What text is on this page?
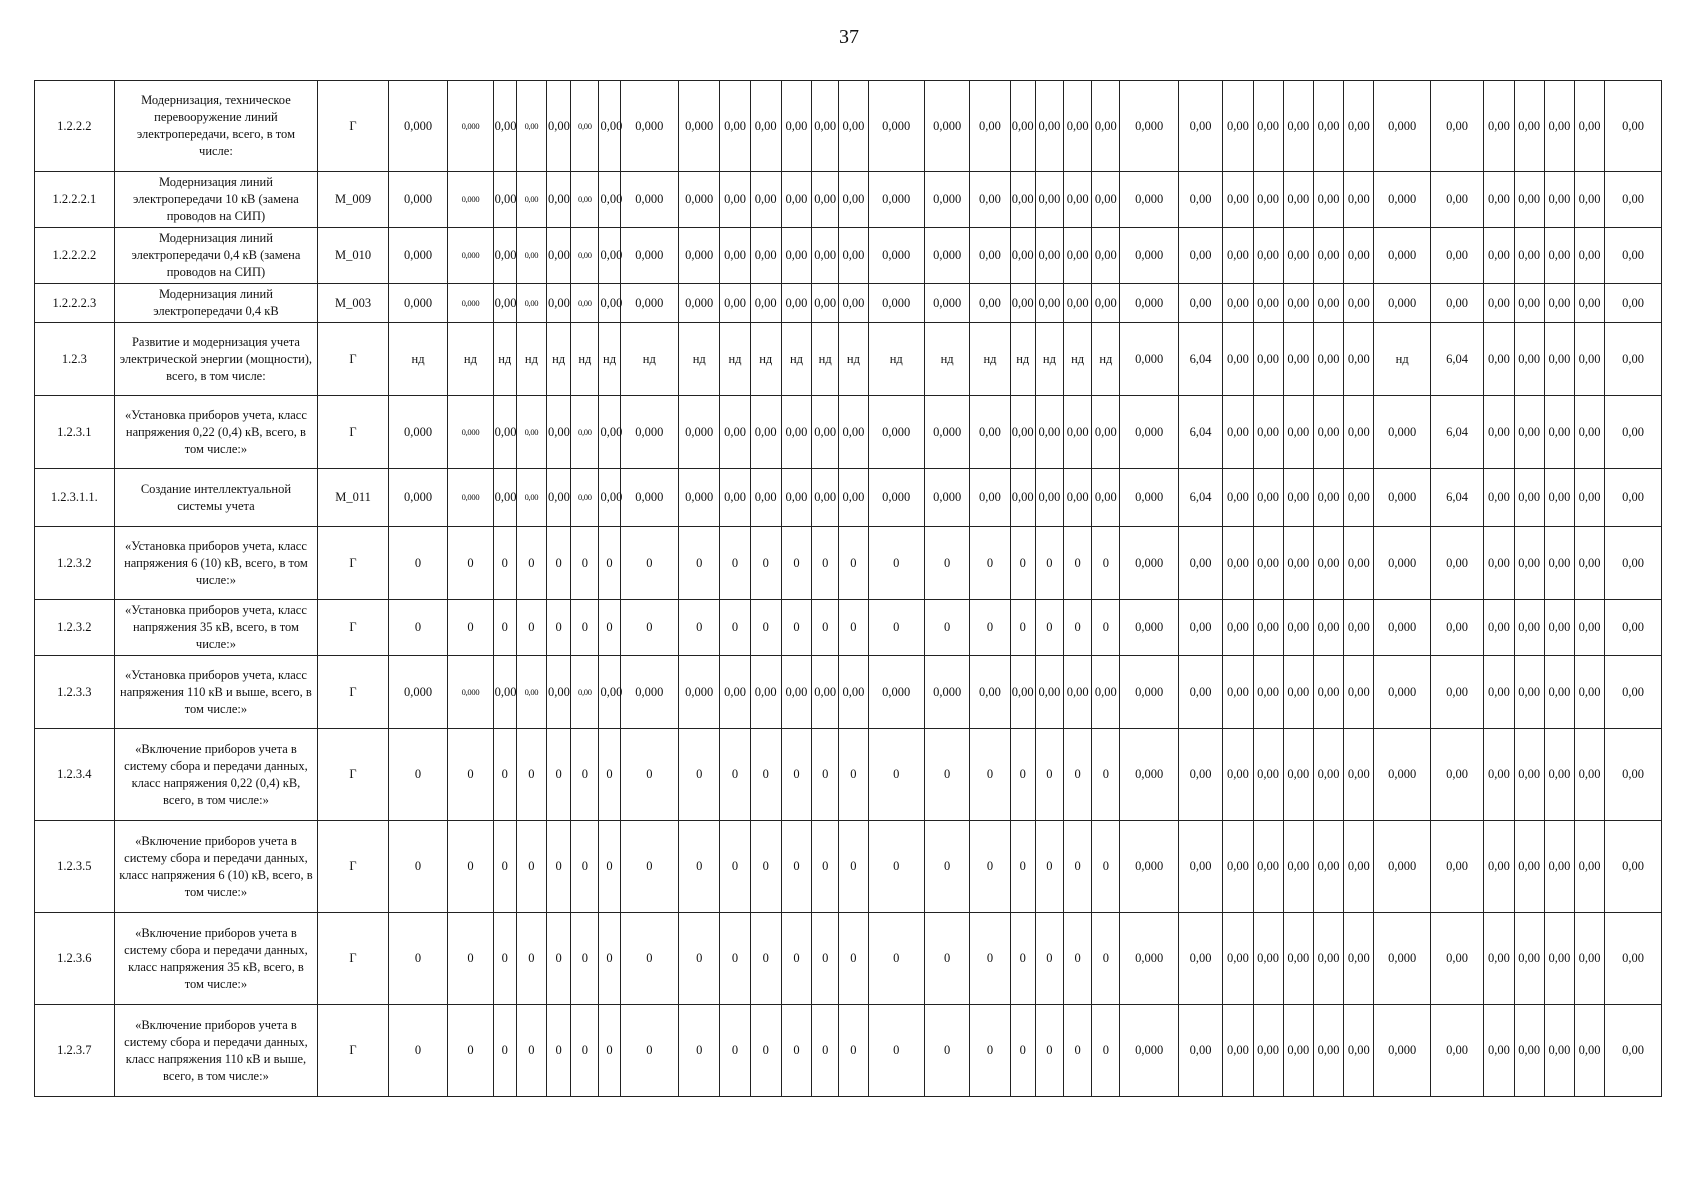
37
1.2.2.2	Модернизация, техническое перевооружение линий электропередачи, всего, в том числе:	Г	0,000	0,000	0,00	0,00	0,00	0,00	0,00	0,000	0,000	0,00	0,00	0,00	0,00	0,00	0,000	0,000	0,00	0,00	0,00	0,00	0,00	0,000	0,00	0,00	0,00	0,00	0,00	0,00	0,000	0,00	0,00	0,00	0,00	0,00	0,00
1.2.2.2.1	Модернизация линий электропередачи 10 кВ (замена проводов на СИП)	М_009	0,000	0,000	0,00	0,00	0,00	0,00	0,00	0,000	0,000	0,00	0,00	0,00	0,00	0,00	0,000	0,000	0,00	0,00	0,00	0,00	0,00	0,000	0,00	0,00	0,00	0,00	0,00	0,00	0,000	0,00	0,00	0,00	0,00	0,00	0,00
1.2.2.2.2	Модернизация линий электропередачи 0,4 кВ (замена проводов на СИП)	М_010	0,000	0,000	0,00	0,00	0,00	0,00	0,00	0,000	0,000	0,00	0,00	0,00	0,00	0,00	0,000	0,000	0,00	0,00	0,00	0,00	0,00	0,000	0,00	0,00	0,00	0,00	0,00	0,00	0,000	0,00	0,00	0,00	0,00	0,00	0,00
1.2.2.2.3	Модернизация линий электропередачи 0,4 кВ	М_003	0,000	0,000	0,00	0,00	0,00	0,00	0,00	0,000	0,000	0,00	0,00	0,00	0,00	0,00	0,000	0,000	0,00	0,00	0,00	0,00	0,00	0,000	0,00	0,00	0,00	0,00	0,00	0,00	0,000	0,00	0,00	0,00	0,00	0,00	0,00
1.2.3	Развитие и модернизация учета электрической энергии (мощности), всего, в том числе:	Г	нд	нд	нд	нд	нд	нд	нд	нд	нд	нд	нд	нд	нд	нд	нд	нд	нд	нд	нд	нд	нд	0,000	6,04	0,00	0,00	0,00	0,00	0,00	нд	6,04	0,00	0,00	0,00	0,00	0,00
1.2.3.1	«Установка приборов учета, класс напряжения 0,22 (0,4) кВ, всего, в том числе:»	Г	0,000	0,000	0,00	0,00	0,00	0,00	0,00	0,000	0,000	0,00	0,00	0,00	0,00	0,00	0,000	0,000	0,00	0,00	0,00	0,00	0,00	0,000	6,04	0,00	0,00	0,00	0,00	0,00	0,000	6,04	0,00	0,00	0,00	0,00	0,00
1.2.3.1.1.	Создание интеллектуальной системы учета	М_011	0,000	0,000	0,00	0,00	0,00	0,00	0,00	0,000	0,000	0,00	0,00	0,00	0,00	0,00	0,000	0,000	0,00	0,00	0,00	0,00	0,00	0,000	6,04	0,00	0,00	0,00	0,00	0,00	0,000	6,04	0,00	0,00	0,00	0,00	0,00
1.2.3.2	«Установка приборов учета, класс напряжения 6 (10) кВ, всего, в том числе:»	Г	0	0	0	0	0	0	0	0	0	0	0	0	0	0	0	0	0	0	0	0	0	0,000	0,00	0,00	0,00	0,00	0,00	0,00	0,000	0,00	0,00	0,00	0,00	0,00	0,00
1.2.3.2	«Установка приборов учета, класс напряжения 35 кВ, всего, в том числе:»	Г	0	0	0	0	0	0	0	0	0	0	0	0	0	0	0	0	0	0	0	0	0	0,000	0,00	0,00	0,00	0,00	0,00	0,00	0,000	0,00	0,00	0,00	0,00	0,00	0,00
1.2.3.3	«Установка приборов учета, класс напряжения 110 кВ и выше, всего, в том числе:»	Г	0,000	0,000	0,00	0,00	0,00	0,00	0,00	0,000	0,000	0,00	0,00	0,00	0,00	0,00	0,000	0,000	0,00	0,00	0,00	0,00	0,00	0,000	0,00	0,00	0,00	0,00	0,00	0,00	0,000	0,00	0,00	0,00	0,00	0,00	0,00
1.2.3.4	«Включение приборов учета в систему сбора и передачи данных, класс напряжения 0,22 (0,4) кВ, всего, в том числе:»	Г	0	0	0	0	0	0	0	0	0	0	0	0	0	0	0	0	0	0	0	0	0	0,000	0,00	0,00	0,00	0,00	0,00	0,00	0,000	0,00	0,00	0,00	0,00	0,00	0,00
1.2.3.5	«Включение приборов учета в систему сбора и передачи данных, класс напряжения 6 (10) кВ, всего, в том числе:»	Г	0	0	0	0	0	0	0	0	0	0	0	0	0	0	0	0	0	0	0	0	0	0,000	0,00	0,00	0,00	0,00	0,00	0,00	0,000	0,00	0,00	0,00	0,00	0,00	0,00
1.2.3.6	«Включение приборов учета в систему сбора и передачи данных, класс напряжения 35 кВ, всего, в том числе:»	Г	0	0	0	0	0	0	0	0	0	0	0	0	0	0	0	0	0	0	0	0	0	0,000	0,00	0,00	0,00	0,00	0,00	0,00	0,000	0,00	0,00	0,00	0,00	0,00	0,00
1.2.3.7	«Включение приборов учета в систему сбора и передачи данных, класс напряжения 110 кВ и выше, всего, в том числе:»	Г	0	0	0	0	0	0	0	0	0	0	0	0	0	0	0	0	0	0	0	0	0	0,000	0,00	0,00	0,00	0,00	0,00	0,00	0,000	0,00	0,00	0,00	0,00	0,00	0,00
